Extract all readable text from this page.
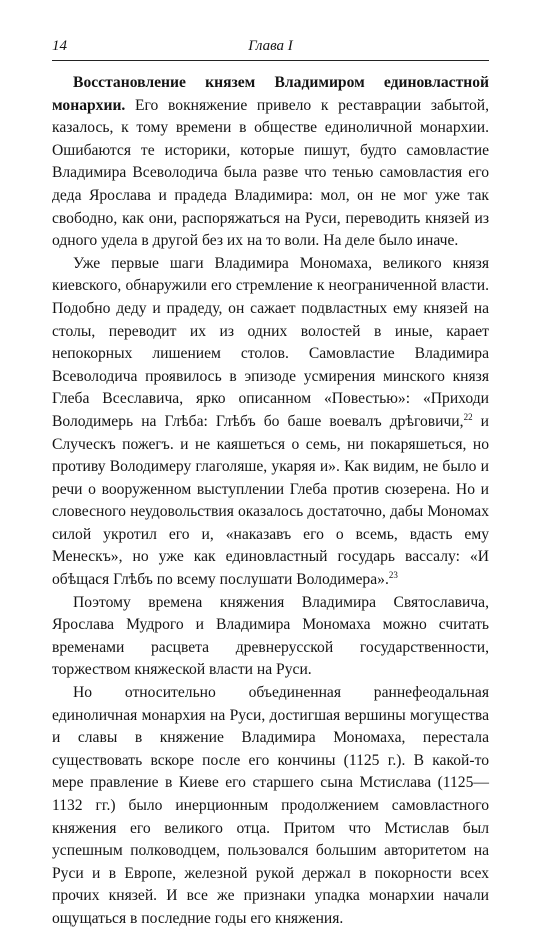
14	Глава I

Восстановление князем Владимиром единовластной монархии. Его вокняжение привело к реставрации забытой, казалось, к тому времени в обществе единоличной монархии. Ошибаются те историки, которые пишут, будто самовластие Владимира Всеволодича была разве что тенью самовластия его деда Ярослава и прадеда Владимира: мол, он не мог уже так свободно, как они, распоряжаться на Руси, переводить князей из одного удела в другой без их на то воли. На деле было иначе.

Уже первые шаги Владимира Мономаха, великого князя киевского, обнаружили его стремление к неограниченной власти. Подобно деду и прадеду, он сажает подвластных ему князей на столы, переводит их из одних волостей в иные, карает непокорных лишением столов. Самовластие Владимира Всеволодича проявилось в эпизоде усмирения минского князя Глеба Всеславича, ярко описанном «Повестью»: «Приходи Володимерь на Глѣба: Глѣбъ бо баше воевалъ дрѣговичи,$^{22}$ и Случескъ пожегъ. и не каяшеться о семь, ни покаряшеться, но противу Володимеру глаголяше, укаряя и». Как видим, не было и речи о вооруженном выступлении Глеба против сюзерена. Но и словесного неудовольствия оказалось достаточно, дабы Мономах силой укротил его и, «наказавъ его о всемь, вдасть ему Менескъ», но уже как единовластный государь вассалу: «И обѣщася Глѣбъ по всему послушати Володимера».$^{23}$

Поэтому времена княжения Владимира Святославича, Ярослава Мудрого и Владимира Мономаха можно считать временами расцвета древнерусской государственности, торжеством княжеской власти на Руси.

Но относительно объединенная раннефеодальная единоличная монархия на Руси, достигшая вершины могущества и славы в княжение Владимира Мономаха, перестала существовать вскоре после его кончины (1125 г.). В какой-то мере правление в Киеве его старшего сына Мстислава (1125—1132 гг.) было инерционным продолжением самовластного княжения его великого отца. Притом что Мстислав был успешным полководцем, пользовался большим авторитетом на Руси и в Европе, железной рукой держал в покорности всех прочих князей. И все же признаки упадка монархии начали ощущаться в последние годы его княжения.
